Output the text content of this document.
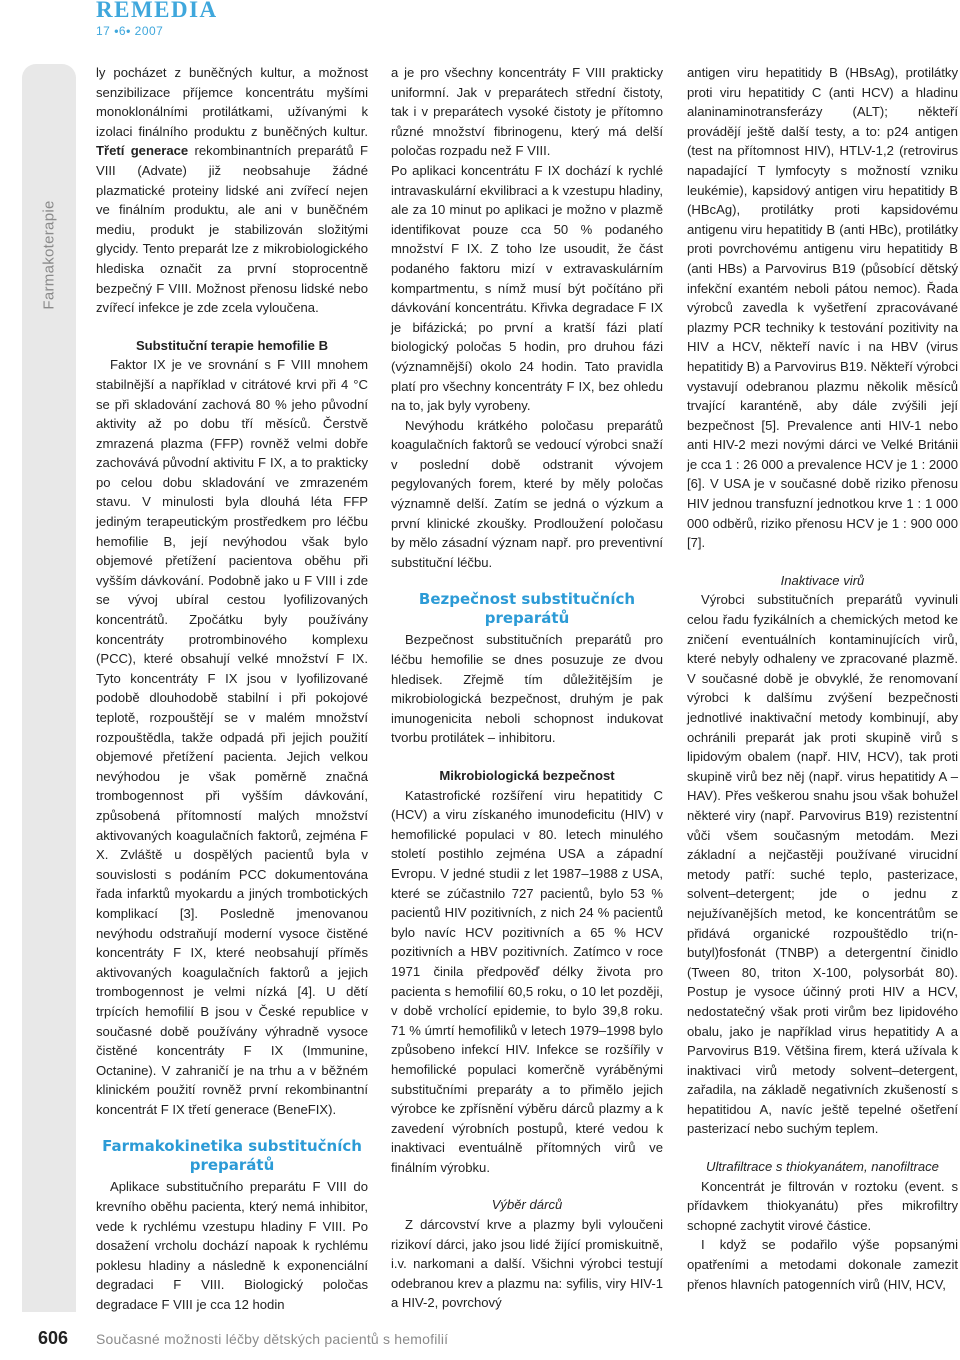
REMEDIA
17 •6• 2007
Farmakoterapie

ly pocházet z buněčných kultur, a možnost senzibilizace příjemce koncentrátu myšími monoklonálními protilátkami, užívanými k izolaci finálního produktu z buněčných kultur. Třetí generace rekombinantních preparátů F VIII (Advate) již neobsahuje žádné plazmatické proteiny lidské ani zvířecí nejen ve finálním produktu, ale ani v buněčném mediu, produkt je stabilizován složitými glycidy. Tento preparát lze z mikrobiologického hlediska označit za první stoprocentně bezpečný F VIII. Možnost přenosu lidské nebo zvířecí infekce je zde zcela vyloučena.

Substituční terapie hemofilie B

Faktor IX je ve srovnání s F VIII mnohem stabilnější a například v citrátové krvi při 4 °C se při skladování zachová 80 % jeho původní aktivity až po dobu tří měsíců. Čerstvě zmrazená plazma (FFP) rovněž velmi dobře zachovává původní aktivitu F IX, a to prakticky po celou dobu skladování ve zmrazeném stavu. V minulosti byla dlouhá léta FFP jediným terapeutickým prostředkem pro léčbu hemofilie B, její nevýhodou však bylo objemové přetížení pacientova oběhu při vyšším dávkování. Podobně jako u F VIII i zde se vývoj ubíral cestou lyofilizovaných koncentrátů. Zpočátku byly používány koncentráty protrombinového komplexu (PCC), které obsahují velké množství F IX. Tyto koncentráty F IX jsou v lyofilizované podobě dlouhodobě stabilní i při pokojové teplotě, rozpouštějí se v malém množství rozpouštědla, takže odpadá při jejich použití objemové přetížení pacienta. Jejich velkou nevýhodou je však poměrně značná trombogennost při vyšším dávkování, způsobená přítomností malých množství aktivovaných koagulačních faktorů, zejména F X. Zvláště u dospělých pacientů byla v souvislosti s podáním PCC dokumentována řada infarktů myokardu a jiných trombotických komplikací [3]. Posledně jmenovanou nevýhodu odstraňují moderní vysoce čistěné koncentráty F IX, které neobsahují příměs aktivovaných koagulačních faktorů a jejich trombogennost je velmi nízká [4]. U dětí trpících hemofilií B jsou v České republice v současné době používány výhradně vysoce čistěné koncentráty F IX (Immunine, Octanine). V zahraničí je na trhu a v běžném klinickém použití rovněž první rekombinantní koncentrát F IX třetí generace (BeneFIX).

Farmakokinetika substitučních preparátů

Aplikace substitučního preparátu F VIII do krevního oběhu pacienta, který nemá inhibitor, vede k rychlému vzestupu hladiny F VIII. Po dosažení vrcholu dochází napoak k rychlému poklesu hladiny a následně k exponenciální degradaci F VIII. Biologický poločas degradace F VIII je cca 12 hodin

a je pro všechny koncentráty F VIII prakticky uniformní. Jak v preparátech střední čistoty, tak i v preparátech vysoké čistoty je přítomno různé množství fibrinogenu, který má delší poločas rozpadu než F VIII.

Po aplikaci koncentrátu F IX dochází k rychlé intravaskulární ekvilibraci a k vzestupu hladiny, ale za 10 minut po aplikaci je možno v plazmě identifikovat pouze cca 50 % podaného množství F IX. Z toho lze usoudit, že část podaného faktoru mizí v extravaskulárním kompartmentu, s nímž musí být počítáno při dávkování koncentrátu. Křivka degradace F IX je bifázická; po první a kratší fázi platí biologický poločas 5 hodin, pro druhou fázi (významnější) okolo 24 hodin. Tato pravidla platí pro všechny koncentráty F IX, bez ohledu na to, jak byly vyrobeny.

Nevýhodu krátkého poločasu preparátů koagulačních faktorů se vedoucí výrobci snaží v poslední době odstranit vývojem pegylovaných forem, které by měly poločas významně delší. Zatím se jedná o výzkum a první klinické zkoušky. Prodloužení poločasu by mělo zásadní význam např. pro preventivní substituční léčbu.

Bezpečnost substitučních preparátů

Bezpečnost substitučních preparátů pro léčbu hemofilie se dnes posuzuje ze dvou hledisek. Zřejmě tím důležitějším je mikrobiologická bezpečnost, druhým je pak imunogenicita neboli schopnost indukovat tvorbu protilátek – inhibitoru.

Mikrobiologická bezpečnost

Katastrofické rozšíření viru hepatitidy C (HCV) a viru získaného imunodeficitu (HIV) v hemofilické populaci v 80. letech minulého století postihlo zejména USA a západní Evropu. V jedné studii z let 1987–1988 z USA, které se zúčastnilo 727 pacientů, bylo 53 % pacientů HIV pozitivních, z nich 24 % pacientů bylo navíc HCV pozitivních a 65 % HCV pozitivních a HBV pozitivních. Zatímco v roce 1971 činila předpověď délky života pro pacienta s hemofilií 60,5 roku, o 10 let později, v době vrcholící epidemie, to bylo 39,8 roku. 71 % úmrtí hemofiliků v letech 1979–1998 bylo způsobeno infekcí HIV. Infekce se rozšířily v hemofilické populaci komerčně vyráběnými substitučními preparáty a to přimělo jejich výrobce ke zpřísnění výběru dárců plazmy a k zavedení výrobních postupů, které vedou k inaktivaci eventuálně přítomných virů ve finálním výrobku.

Výběr dárců

Z dárcovství krve a plazmy byli vyloučeni rizikoví dárci, jako jsou lidé žijící promiskuitně, i.v. narkomani a další. Všichni výrobci testují odebranou krev a plazmu na: syfilis, viry HIV-1 a HIV-2, povrchový

antigen viru hepatitidy B (HBsAg), protilátky proti viru hepatitidy C (anti HCV) a hladinu alaninaminotransferázy (ALT); někteří provádějí ještě další testy, a to: p24 antigen (test na přítomnost HIV), HTLV-1,2 (retrovirus napadající T lymfocyty s možností vzniku leukémie), kapsidový antigen viru hepatitidy B (HBcAg), protilátky proti kapsidovému antigenu viru hepatitidy B (anti HBc), protilátky proti povrchovému antigenu viru hepatitidy B (anti HBs) a Parvovirus B19 (působící dětský infekční exantém neboli pátou nemoc). Řada výrobců zavedla k vyšetření zpracovávané plazmy PCR techniky k testování pozitivity na HIV a HCV, někteří navíc i na HBV (virus hepatitidy B) a Parvovirus B19. Někteří výrobci vystavují odebranou plazmu několik měsíců trvající karanténě, aby dále zvýšili její bezpečnost [5]. Prevalence anti HIV-1 nebo anti HIV-2 mezi novými dárci ve Velké Británii je cca 1 : 26 000 a prevalence HCV je 1 : 2000 [6]. V USA je v současné době riziko přenosu HIV jednou transfuzní jednotkou krve 1 : 1 000 000 odběrů, riziko přenosu HCV je 1 : 900 000 [7].

Inaktivace virů

Výrobci substitučních preparátů vyvinuli celou řadu fyzikálních a chemických metod ke zničení eventuálních kontaminujících virů, které nebyly odhaleny ve zpracované plazmě. V současné době je obvyklé, že renomovaní výrobci k dalšímu zvýšení bezpečnosti jednotlivé inaktivační metody kombinují, aby ochránili preparát jak proti skupině virů s lipidovým obalem (např. HIV, HCV), tak proti skupině virů bez něj (např. virus hepatitidy A – HAV). Přes veškerou snahu jsou však bohužel některé viry (např. Parvovirus B19) rezistentní vůči všem současným metodám. Mezi základní a nejčastěji používané virucidní metody patří: suché teplo, pasterizace, solvent–detergent; jde o jednu z nejužívanějších metod, ke koncentrátům se přidává organické rozpouštědlo tri(n-butyl)fosfonát (TNBP) a detergentní činidlo (Tween 80, triton X-100, polysorbát 80). Postup je vysoce účinný proti HIV a HCV, nedostatečný však proti virům bez lipidového obalu, jako je například virus hepatitidy A a Parvovirus B19. Většina firem, která užívala k inaktivaci virů metody solvent–detergent, zařadila, na základě negativních zkušeností s hepatitidou A, navíc ještě tepelné ošetření pasterizací nebo suchým teplem.

Ultrafiltrace s thiokyanátem, nanofiltrace

Koncentrát je filtrován v roztoku (event. s přídavkem thiokyanátu) přes mikrofiltry schopné zachytit virové částice.

I když se podařilo výše popsanými opatřeními a metodami dokonale zamezit přenos hlavních patogenních virů (HIV, HCV,

606 Současné možnosti léčby dětských pacientů s hemofilií
